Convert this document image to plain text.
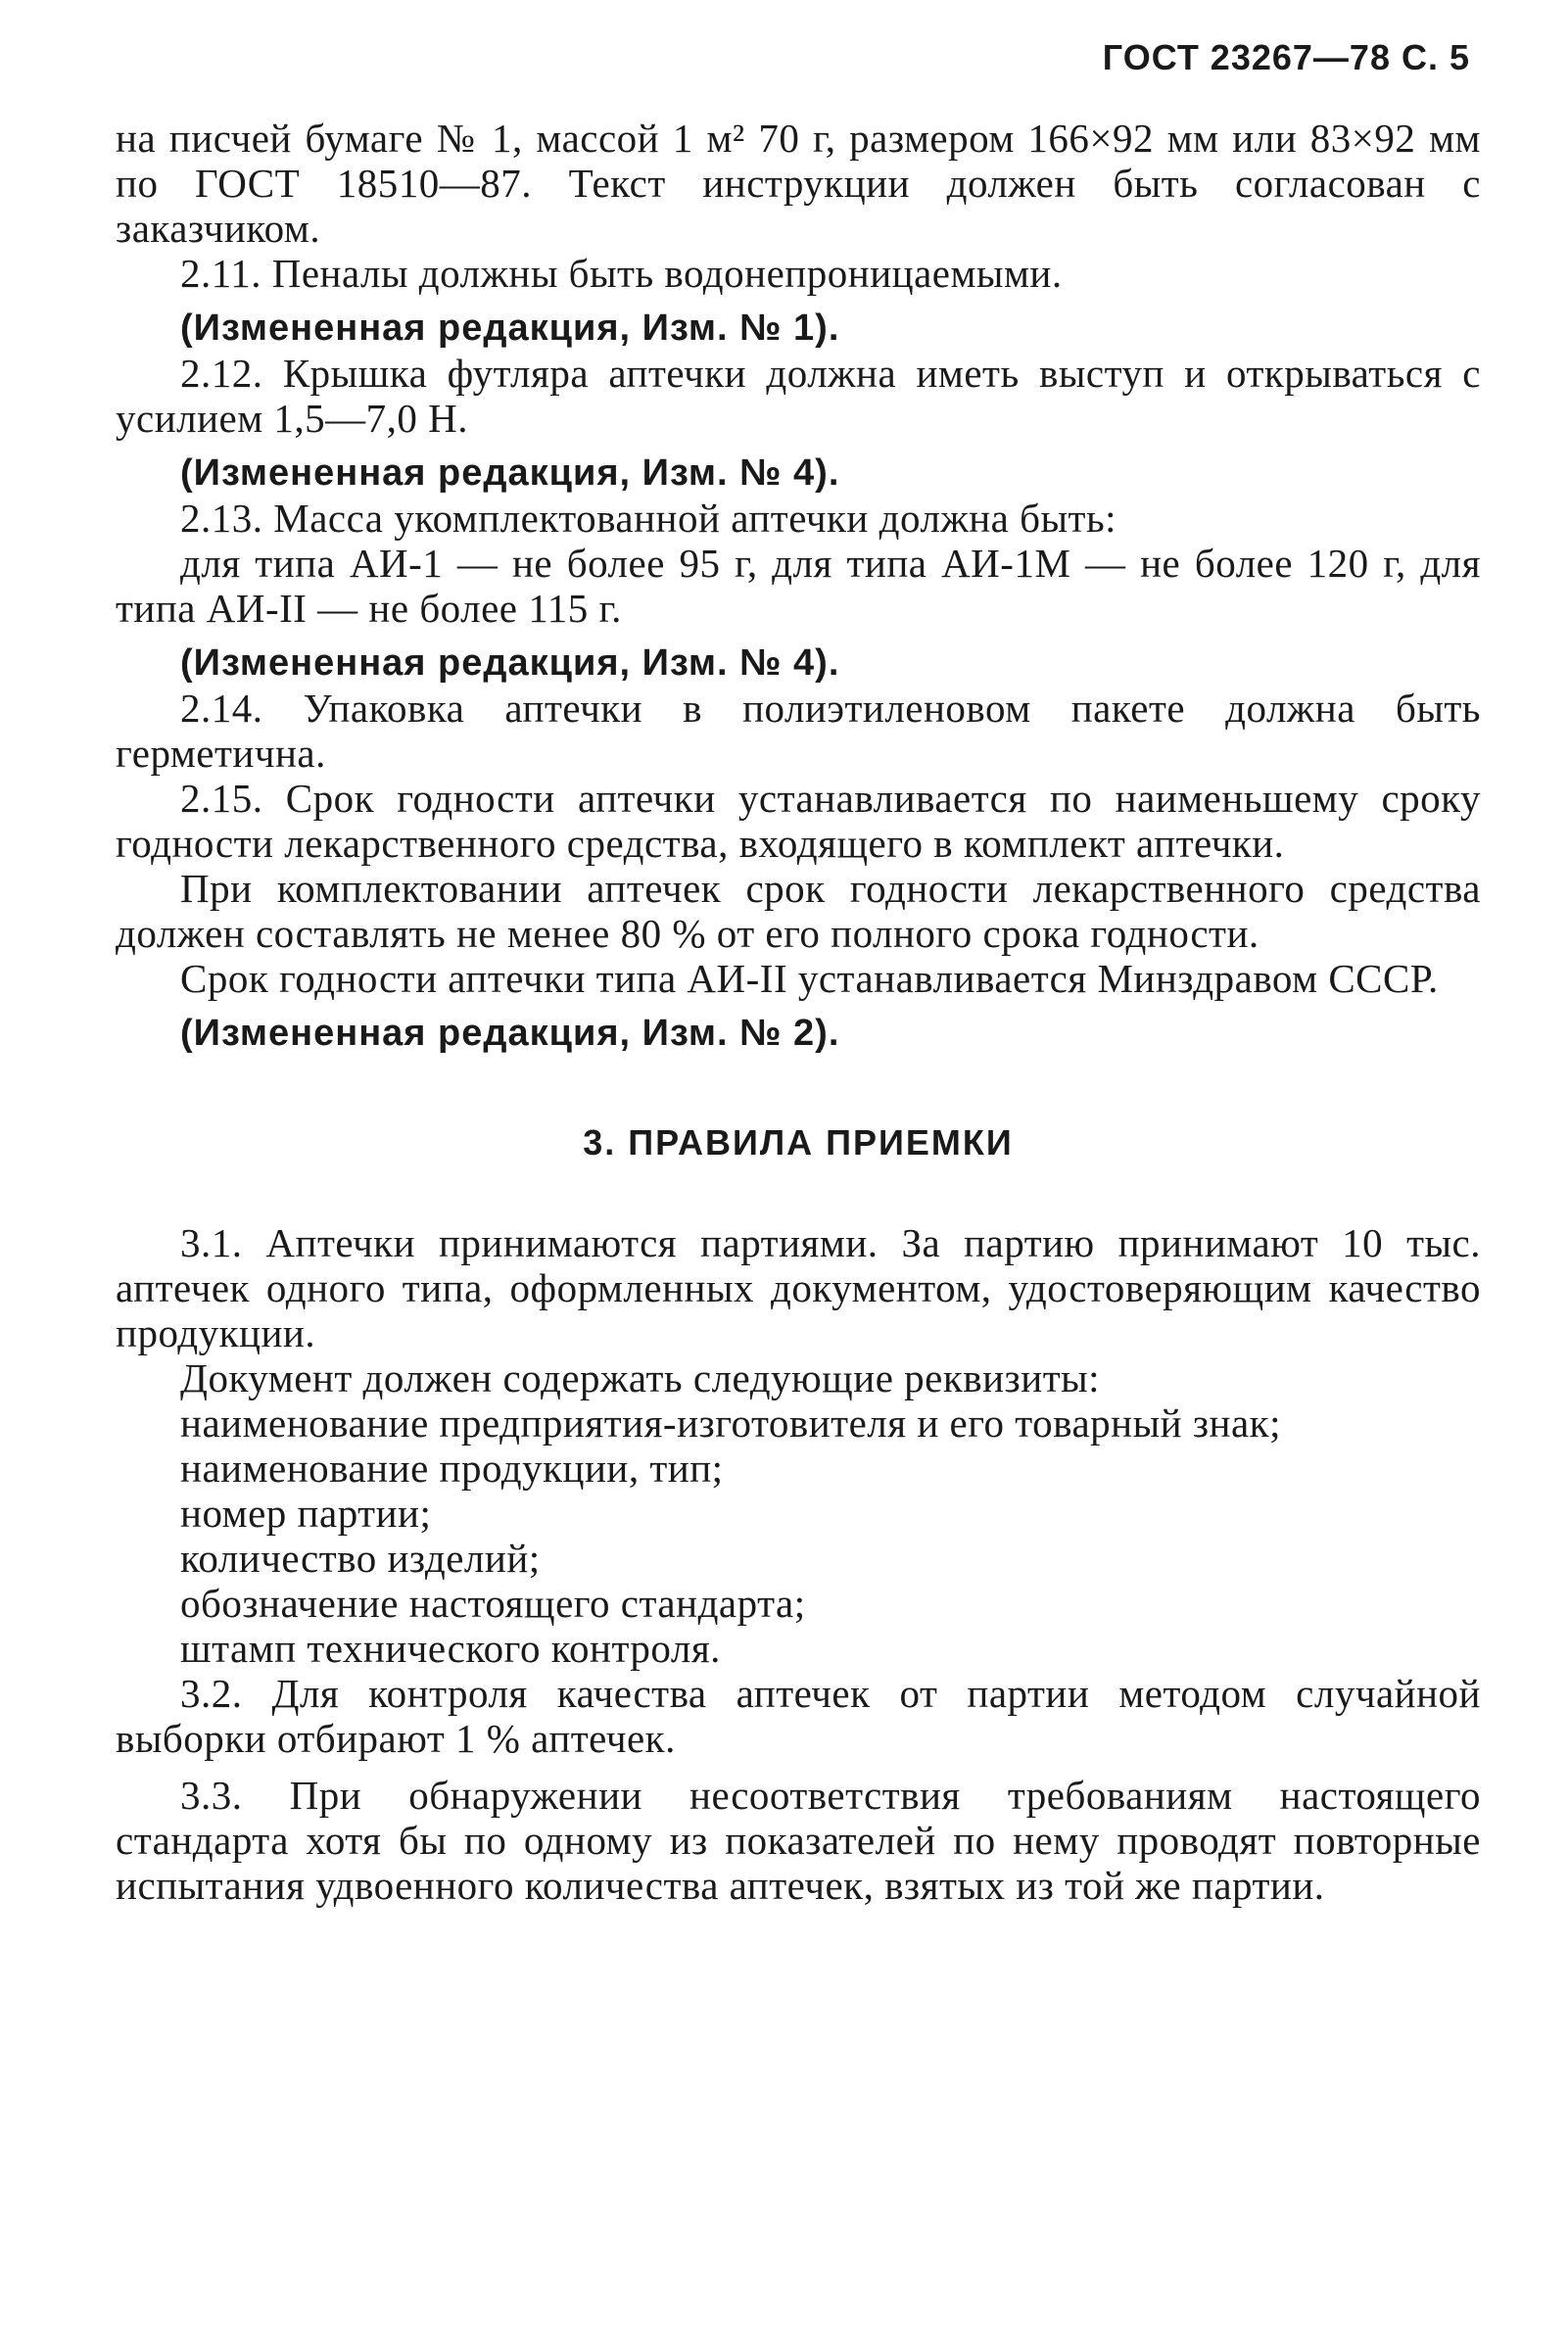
ГОСТ 23267—78 С. 5

на писчей бумаге № 1, массой 1 м² 70 г, размером 166×92 мм или 83×92 мм по ГОСТ 18510—87. Текст инструкции должен быть согласован с заказчиком.

2.11. Пеналы должны быть водонепроницаемыми.

(Измененная редакция, Изм. № 1).

2.12. Крышка футляра аптечки должна иметь выступ и открываться с усилием 1,5—7,0 Н.

(Измененная редакция, Изм. № 4).

2.13. Масса укомплектованной аптечки должна быть:

для типа АИ-1 — не более 95 г, для типа АИ-1М — не более 120 г, для типа АИ-II — не более 115 г.

(Измененная редакция, Изм. № 4).

2.14. Упаковка аптечки в полиэтиленовом пакете должна быть герметична.

2.15. Срок годности аптечки устанавливается по наименьшему сроку годности лекарственного средства, входящего в комплект аптечки.

При комплектовании аптечек срок годности лекарственного средства должен составлять не менее 80 % от его полного срока годности.

Срок годности аптечки типа АИ-II устанавливается Минздравом СССР.

(Измененная редакция, Изм. № 2).

3. ПРАВИЛА ПРИЕМКИ

3.1. Аптечки принимаются партиями. За партию принимают 10 тыс. аптечек одного типа, оформленных документом, удостоверяющим качество продукции.

Документ должен содержать следующие реквизиты:

наименование предприятия-изготовителя и его товарный знак;

наименование продукции, тип;

номер партии;

количество изделий;

обозначение настоящего стандарта;

штамп технического контроля.

3.2. Для контроля качества аптечек от партии методом случайной выборки отбирают 1 % аптечек.

3.3. При обнаружении несоответствия требованиям настоящего стандарта хотя бы по одному из показателей по нему проводят повторные испытания удвоенного количества аптечек, взятых из той же партии.
